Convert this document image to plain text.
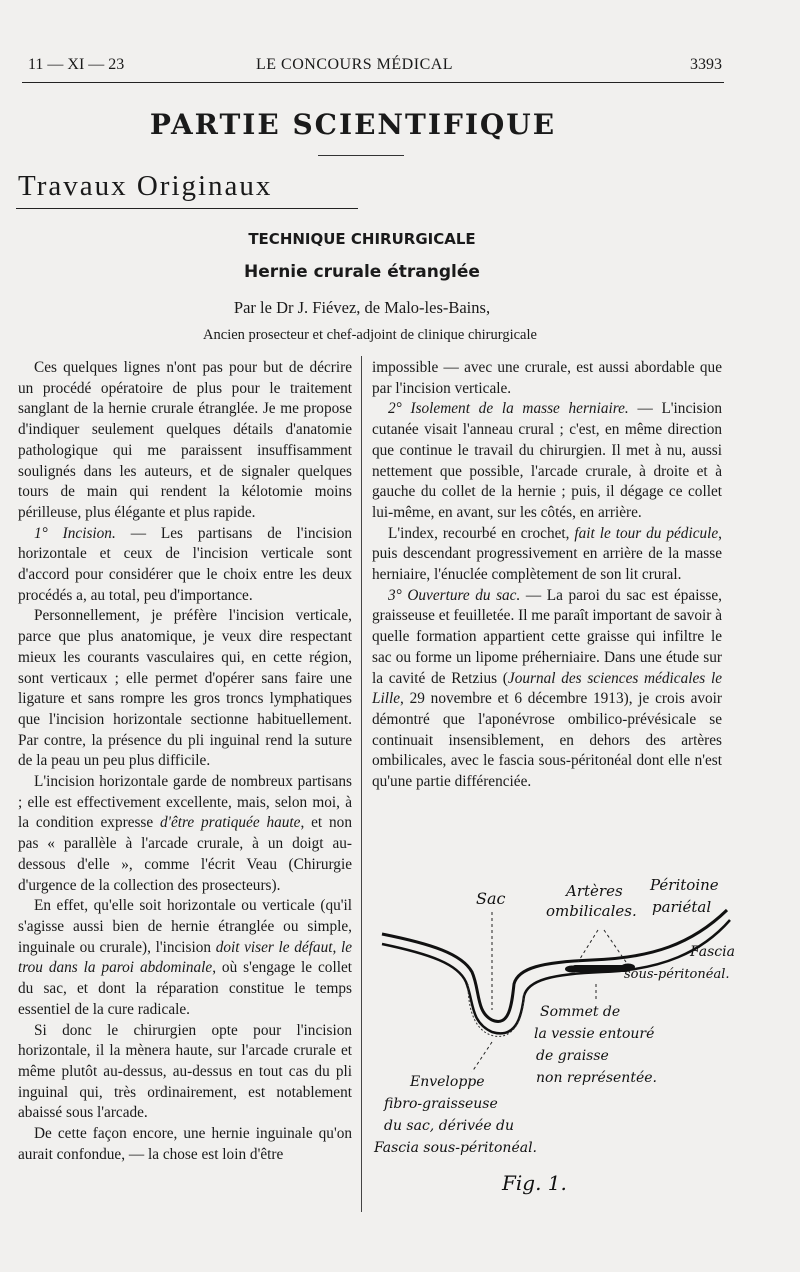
11 — XI — 23	LE CONCOURS MÉDICAL	3393
PARTIE SCIENTIFIQUE
Travaux Originaux
TECHNIQUE CHIRURGICALE
Hernie crurale étranglée
Par le Dr J. Fiévez, de Malo-les-Bains,
Ancien prosecteur et chef-adjoint de clinique chirurgicale

Ces quelques lignes n'ont pas pour but de décrire un procédé opératoire de plus pour le traitement sanglant de la hernie crurale étranglée. Je me propose d'indiquer seulement quelques détails d'anatomie pathologique qui me paraissent insuffisamment soulignés dans les auteurs, et de signaler quelques tours de main qui rendent la kélotomie moins périlleuse, plus élégante et plus rapide.

1° Incision. — Les partisans de l'incision horizontale et ceux de l'incision verticale sont d'accord pour considérer que le choix entre les deux procédés a, au total, peu d'importance.

Personnellement, je préfère l'incision verticale, parce que plus anatomique, je veux dire respectant mieux les courants vasculaires qui, en cette région, sont verticaux ; elle permet d'opérer sans faire une ligature et sans rompre les gros troncs lymphatiques que l'incision horizontale sectionne habituellement. Par contre, la présence du pli inguinal rend la suture de la peau un peu plus difficile.

L'incision horizontale garde de nombreux partisans ; elle est effectivement excellente, mais, selon moi, à la condition expresse d'être pratiquée haute, et non pas « parallèle à l'arcade crurale, à un doigt au-dessous d'elle », comme l'écrit Veau (Chirurgie d'urgence de la collection des prosecteurs).

En effet, qu'elle soit horizontale ou verticale (qu'il s'agisse aussi bien de hernie étranglée ou simple, inguinale ou crurale), l'incision doit viser le défaut, le trou dans la paroi abdominale, où s'engage le collet du sac, et dont la réparation constitue le temps essentiel de la cure radicale.

Si donc le chirurgien opte pour l'incision horizontale, il la mènera haute, sur l'arcade crurale et même plutôt au-dessus, au-dessus en tout cas du pli inguinal qui, très ordinairement, est notablement abaissé sous l'arcade.

De cette façon encore, une hernie inguinale qu'on aurait confondue, — la chose est loin d'être

impossible — avec une crurale, est aussi abordable que par l'incision verticale.

2° Isolement de la masse herniaire. — L'incision cutanée visait l'anneau crural ; c'est, en même direction que continue le travail du chirurgien. Il met à nu, aussi nettement que possible, l'arcade crurale, à droite et à gauche du collet de la hernie ; puis, il dégage ce collet lui-même, en avant, sur les côtés, en arrière.

L'index, recourbé en crochet, fait le tour du pédicule, puis descendant progressivement en arrière de la masse herniaire, l'énuclée complètement de son lit crural.

3° Ouverture du sac. — La paroi du sac est épaisse, graisseuse et feuilletée. Il me paraît important de savoir à quelle formation appartient cette graisse qui infiltre le sac ou forme un lipome préherniaire. Dans une étude sur la cavité de Retzius (Journal des sciences médicales le Lille, 29 novembre et 6 décembre 1913), je crois avoir démontré que l'aponévrose ombilico-prévésicale se continuait insensiblement, en dehors des artères ombilicales, avec le fascia sous-péritonéal dont elle n'est qu'une partie différenciée.

Sac	Artères
ombilicales.
Péritoine
pariétal
Fascia
sous-péritonéal.
Sommet de
la vessie entouré
de graisse
non représentée.
Enveloppe
fibro-graisseuse
du sac, dérivée du
Fascia sous-péritonéal.
Fig. 1.
